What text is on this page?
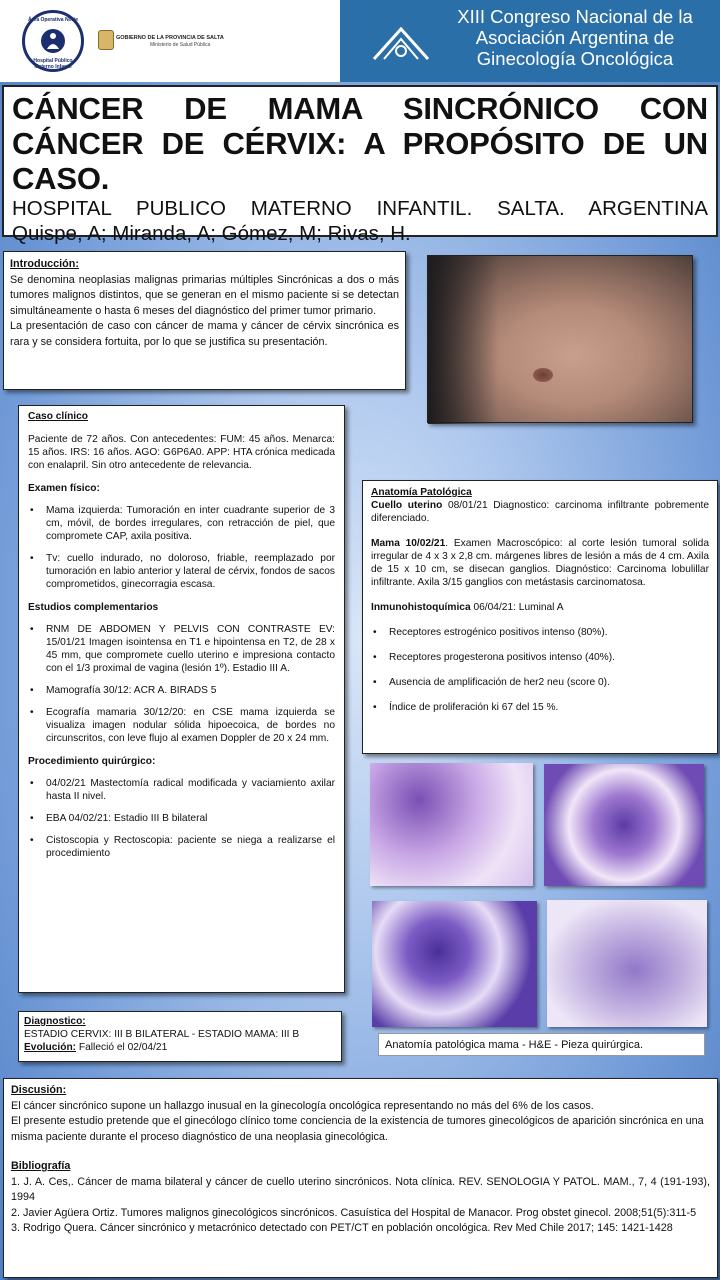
Área Operativa Norte
Hospital Público Materno Infantil
GOBIERNO DE LA PROVINCIA DE SALTA
Ministerio de Salud Pública
XIII Congreso Nacional de la
Asociación Argentina de
Ginecología Oncológica
CÁNCER DE MAMA SINCRÓNICO CON CÁNCER DE CÉRVIX: A PROPÓSITO DE UN CASO.
HOSPITAL PUBLICO MATERNO INFANTIL. SALTA. ARGENTINA
Quispe, A; Miranda, A; Gómez, M; Rivas, H.
Introducción:

Se denomina neoplasias malignas primarias múltiples Sincrónicas a dos o más tumores malignos distintos, que se generan en el mismo paciente si se detectan simultáneamente o hasta 6 meses del diagnóstico del primer tumor primario.

La presentación de caso con cáncer de mama y cáncer de cérvix sincrónica es rara y se considera fortuita, por lo que se justifica su presentación.

Caso clínico

Paciente de 72 años. Con antecedentes: FUM: 45 años. Menarca: 15 años. IRS: 16 años. AGO: G6P6A0. APP: HTA crónica medicada con enalapril. Sin otro antecedente de relevancia.

Examen físico:
• Mama izquierda: Tumoración en inter cuadrante superior de 3 cm, móvil, de bordes irregulares, con retracción de piel, que compromete CAP, axila positiva.
• Tv: cuello indurado, no doloroso, friable, reemplazado por tumoración en labio anterior y lateral de cérvix, fondos de sacos comprometidos, ginecorragia escasa.
Estudios complementarios
• RNM DE ABDOMEN Y PELVIS CON CONTRASTE EV: 15/01/21 Imagen isointensa en T1 e hipointensa en T2, de 28 x 45 mm, que compromete cuello uterino e impresiona contacto con el 1/3 proximal de vagina (lesión 1º). Estadio III A.
• Mamografía 30/12: ACR A. BIRADS 5
• Ecografía mamaria 30/12/20: en CSE mama izquierda se visualiza imagen nodular sólida hipoecoica, de bordes no circunscritos, con leve flujo al examen Doppler de 20 x 24 mm.
Procedimiento quirúrgico:
• 04/02/21 Mastectomía radical modificada y vaciamiento axilar hasta II nivel.
• EBA 04/02/21: Estadio III B bilateral
• Cistoscopia y Rectoscopia: paciente se niega a realizarse el procedimiento
Anatomía Patológica

Cuello uterino 08/01/21 Diagnostico: carcinoma infiltrante pobremente diferenciado.

Mama 10/02/21. Examen Macroscópico: al corte lesión tumoral solida irregular de 4 x 3 x 2,8 cm. márgenes libres de lesión a más de 4 cm. Axila de 15 x 10 cm, se disecan ganglios. Diagnóstico: Carcinoma lobulillar infiltrante. Axila 3/15 ganglios con metástasis carcinomatosa.

Inmunohistoquímica 06/04/21: Luminal A

• Receptores estrogénico positivos intenso (80%).
• Receptores progesterona positivos intenso (40%).
• Ausencia de amplificación de her2 neu (score 0).
• Índice de proliferación ki 67 del 15 %.
Diagnostico:
ESTADIO CERVIX: III B BILATERAL - ESTADIO MAMA: III B
Evolución: Falleció el 02/04/21	Anatomía patológica mama - H&E - Pieza quirúrgica.
Discusión:

El cáncer sincrónico supone un hallazgo inusual en la ginecología oncológica representando no más del 6% de los casos.

El presente estudio pretende que el ginecólogo clínico tome conciencia de la existencia de tumores ginecológicos de aparición sincrónica en una misma paciente durante el proceso diagnóstico de una neoplasia ginecológica.

Bibliografía

1. J. A. Ces,. Cáncer de mama bilateral y cáncer de cuello uterino sincrónicos. Nota clínica. REV. SENOLOGIA Y PATOL. MAM., 7, 4 (191-193), 1994

2. Javier Agüera Ortiz. Tumores malignos ginecológicos sincrónicos. Casuística del Hospital de Manacor. Prog obstet ginecol. 2008;51(5):311-5

3. Rodrigo Quera. Cáncer sincrónico y metacrónico detectado con PET/CT en población oncológica. Rev Med Chile 2017; 145: 1421-1428
